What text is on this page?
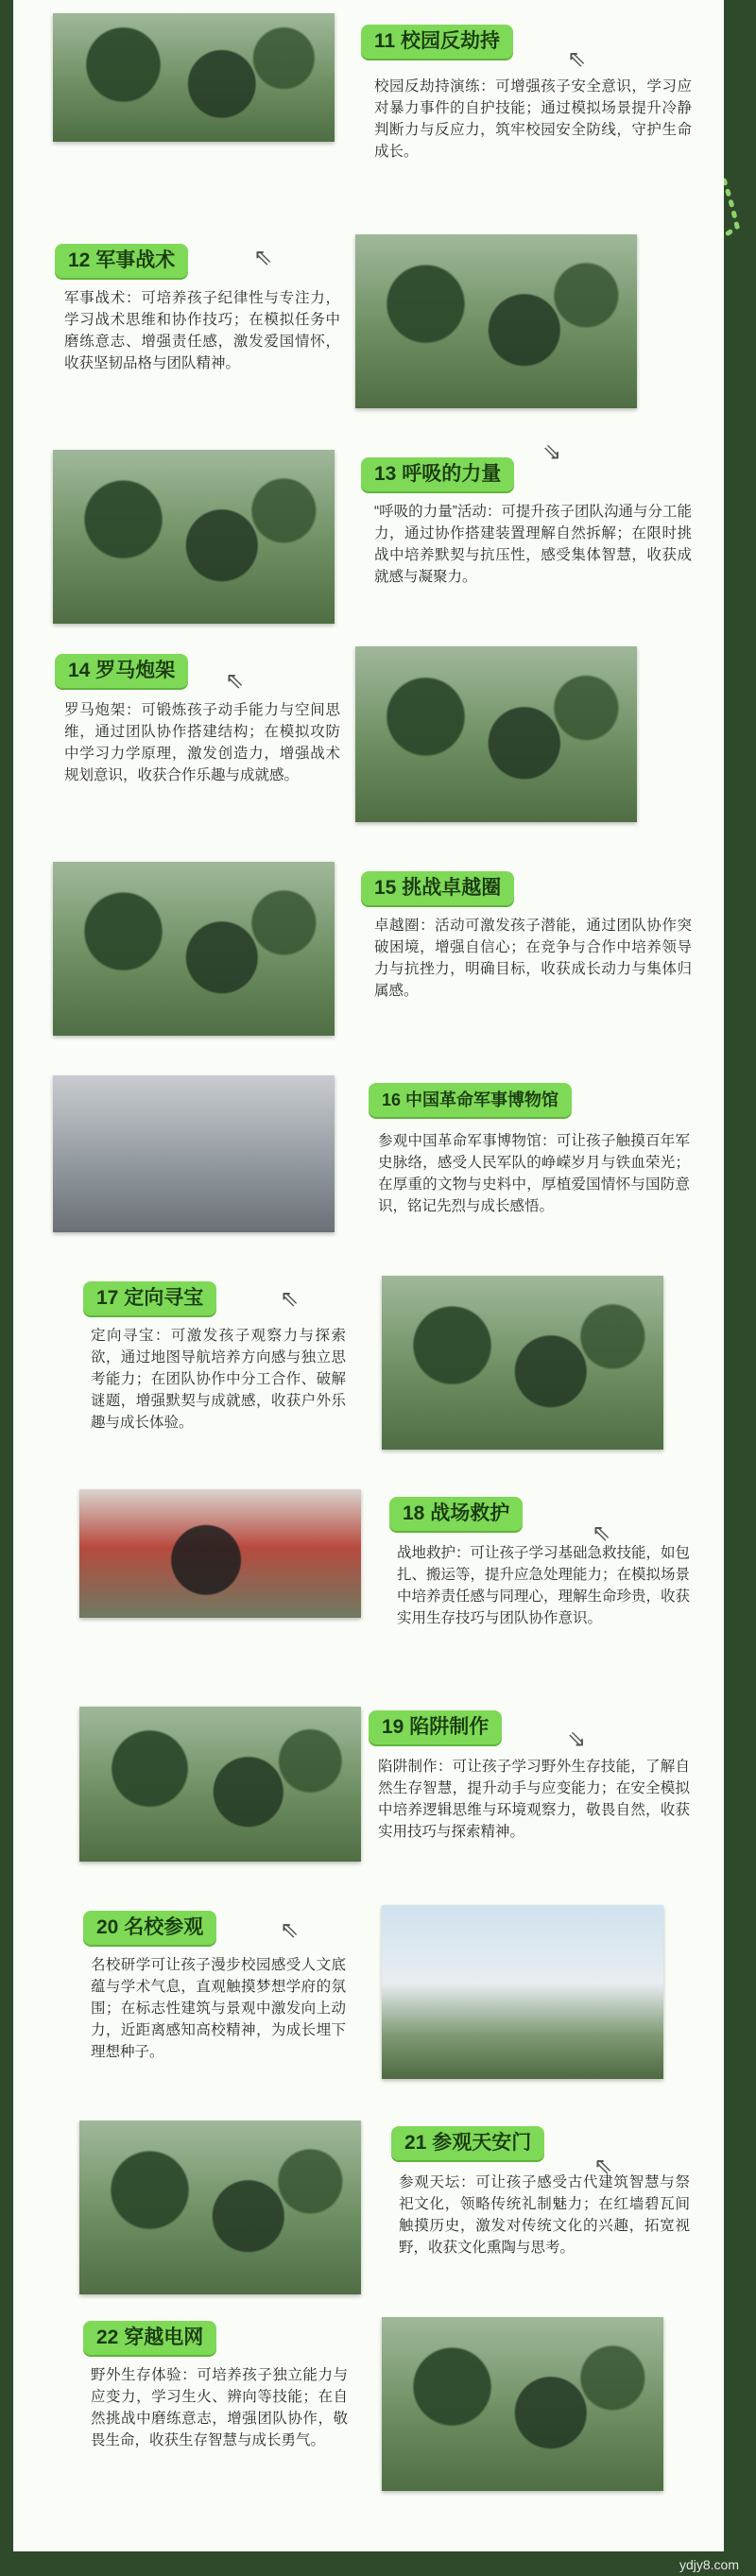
11 校园反劫持
⇖

校园反劫持演练：可增强孩子安全意识，学习应对暴力事件的自护技能；通过模拟场景提升冷静判断力与反应力，筑牢校园安全防线，守护生命成长。

12 军事战术	⇖

军事战术：可培养孩子纪律性与专注力，学习战术思维和协作技巧；在模拟任务中磨练意志、增强责任感，激发爱国情怀，收获坚韧品格与团队精神。

13 呼吸的力量
⇘

“呼吸的力量”活动：可提升孩子团队沟通与分工能力，通过协作搭建装置理解自然拆解；在限时挑战中培养默契与抗压性，感受集体智慧，收获成就感与凝聚力。

14 罗马炮架	⇖

罗马炮架：可锻炼孩子动手能力与空间思维，通过团队协作搭建结构；在模拟攻防中学习力学原理，激发创造力，增强战术规划意识，收获合作乐趣与成就感。

15 挑战卓越圈

卓越圈：活动可激发孩子潜能，通过团队协作突破困境，增强自信心；在竞争与合作中培养领导力与抗挫力，明确目标，收获成长动力与集体归属感。

16 中国革命军事博物馆

参观中国革命军事博物馆：可让孩子触摸百年军史脉络，感受人民军队的峥嵘岁月与铁血荣光；在厚重的文物与史料中，厚植爱国情怀与国防意识，铭记先烈与成长感悟。

17 定向寻宝	⇖

定向寻宝：可激发孩子观察力与探索欲，通过地图导航培养方向感与独立思考能力；在团队协作中分工合作、破解谜题，增强默契与成就感，收获户外乐趣与成长体验。

18 战场救护
⇖

战地救护：可让孩子学习基础急救技能，如包扎、搬运等，提升应急处理能力；在模拟场景中培养责任感与同理心，理解生命珍贵，收获实用生存技巧与团队协作意识。

19 陷阱制作	⇘

陷阱制作：可让孩子学习野外生存技能，了解自然生存智慧，提升动手与应变能力；在安全模拟中培养逻辑思维与环境观察力，敬畏自然，收获实用技巧与探索精神。

20 名校参观	⇖

名校研学可让孩子漫步校园感受人文底蕴与学术气息，直观触摸梦想学府的氛围；在标志性建筑与景观中激发向上动力，近距离感知高校精神，为成长埋下理想种子。

21 参观天安门
⇖

参观天坛：可让孩子感受古代建筑智慧与祭祀文化，领略传统礼制魅力；在红墙碧瓦间触摸历史，激发对传统文化的兴趣，拓宽视野，收获文化熏陶与思考。

22 穿越电网

野外生存体验：可培养孩子独立能力与应变力，学习生火、辨向等技能；在自然挑战中磨练意志，增强团队协作，敬畏生命，收获生存智慧与成长勇气。

ydjy8.com
